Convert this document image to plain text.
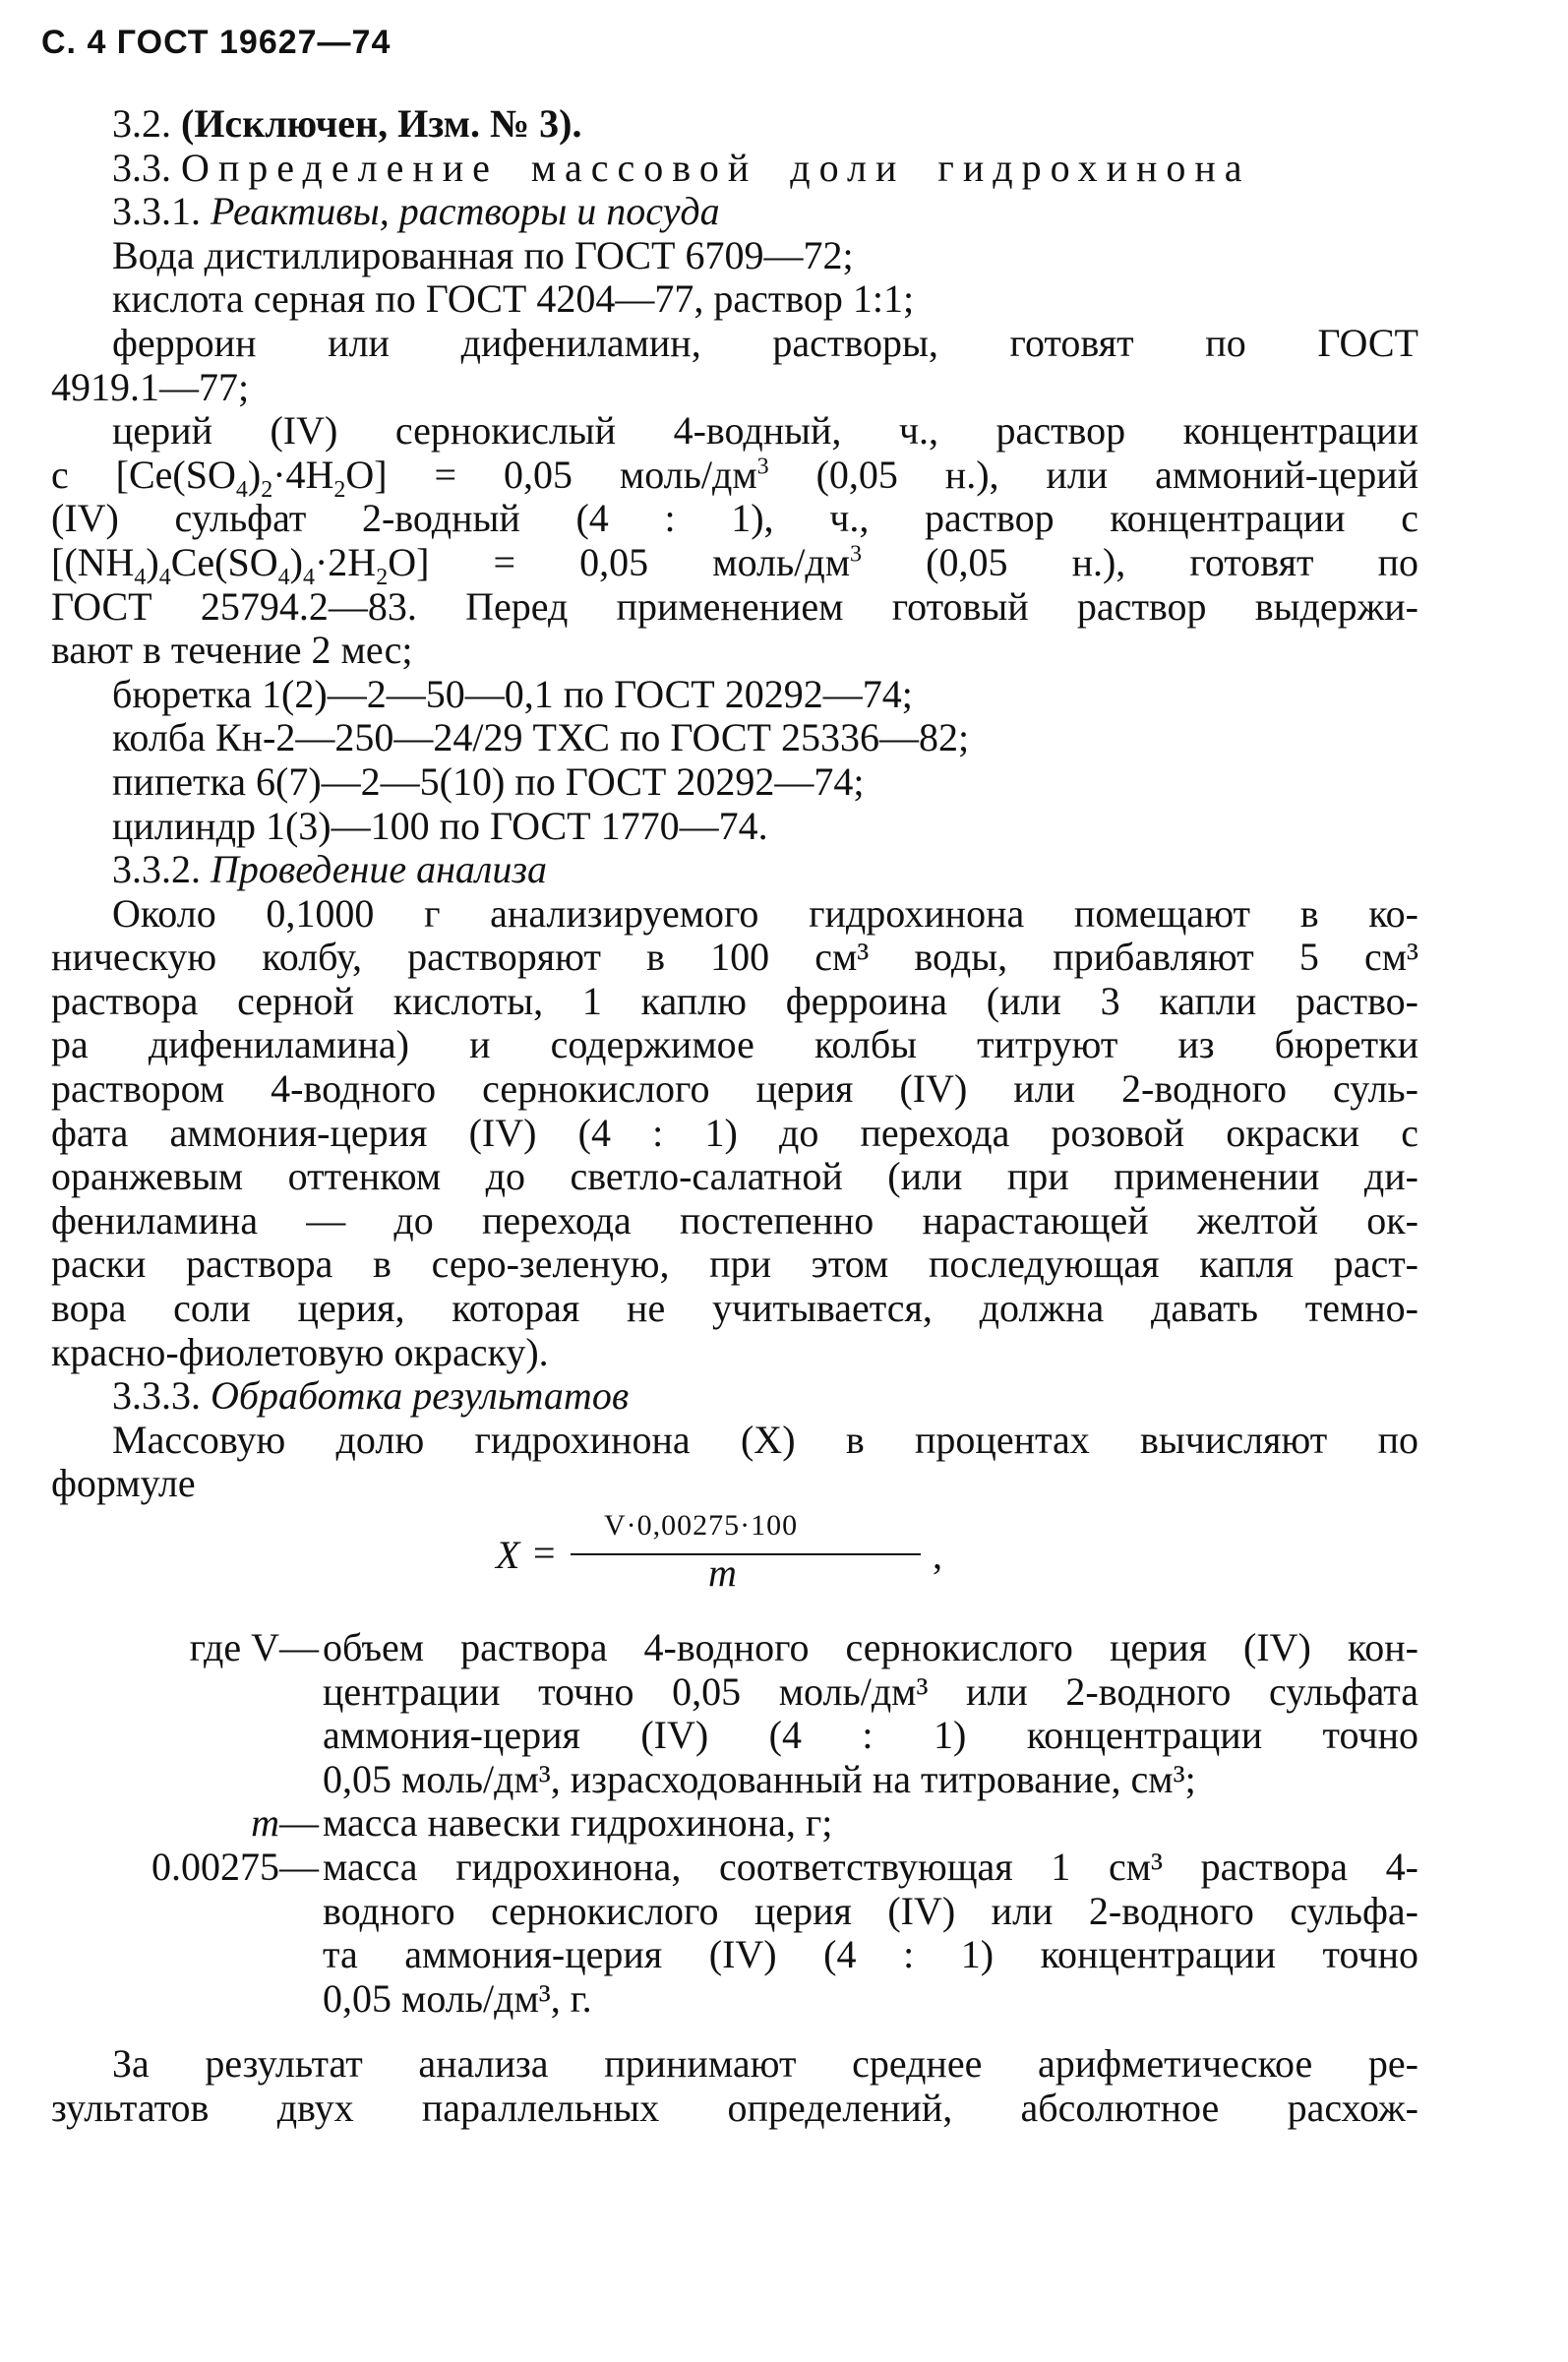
С. 4 ГОСТ 19627—74
3.2. (Исключен, Изм. № 3).
3.3. Определение массовой доли гидрохинона
3.3.1. Реактивы, растворы и посуда
Вода дистиллированная по ГОСТ 6709—72;
кислота серная по ГОСТ 4204—77, раствор 1:1;
ферроин или дифениламин, растворы, готовят по ГОСТ
4919.1—77;
церий (IV) сернокислый 4-водный, ч., раствор концентрации
с $[Ce(SO_4)_2\cdot 4H_2O] = 0,05$ моль/$дм^3$ (0,05 н.), или аммоний-церий
(IV) сульфат 2-водный (4 : 1), ч., раствор концентрации с
$[(NH_4)_4Ce(SO_4)_4\cdot 2H_2O] = 0,05$ моль/$дм^3$ (0,05 н.), готовят по
ГОСТ 25794.2—83. Перед применением готовый раствор выдержи-
вают в течение 2 мес;
бюретка 1(2)—2—50—0,1 по ГОСТ 20292—74;
колба Кн-2—250—24/29 ТХС по ГОСТ 25336—82;
пипетка 6(7)—2—5(10) по ГОСТ 20292—74;
цилиндр 1(3)—100 по ГОСТ 1770—74.
3.3.2. Проведение анализа
Около 0,1000 г анализируемого гидрохинона помещают в ко-
ническую колбу, растворяют в 100 см³ воды, прибавляют 5 см³
раствора серной кислоты, 1 каплю ферроина (или 3 капли раство-
ра дифениламина) и содержимое колбы титруют из бюретки
раствором 4-водного сернокислого церия (IV) или 2-водного суль-
фата аммония-церия (IV) (4 : 1) до перехода розовой окраски с
оранжевым оттенком до светло-салатной (или при применении ди-
фениламина — до перехода постепенно нарастающей желтой ок-
раски раствора в серо-зеленую, при этом последующая капля раст-
вора соли церия, которая не учитывается, должна давать темно-
красно-фиолетовую окраску).
3.3.3. Обработка результатов
Массовую долю гидрохинона (X) в процентах вычисляют по
формуле
X =
V·0,00275·100
m	,
где V — объем раствора 4-водного сернокислого церия (IV) кон-
центрации точно 0,05 моль/дм³ или 2-водного сульфата
аммония-церия (IV) (4 : 1) концентрации точно
0,05 моль/дм³, израсходованный на титрование, см³;
m — масса навески гидрохинона, г;
0.00275 — масса гидрохинона, соответствующая 1 см³ раствора 4-
водного сернокислого церия (IV) или 2-водного сульфа-
та аммония-церия (IV) (4 : 1) концентрации точно
0,05 моль/дм³, г.
За результат анализа принимают среднее арифметическое ре-
зультатов двух параллельных определений, абсолютное расхож-
